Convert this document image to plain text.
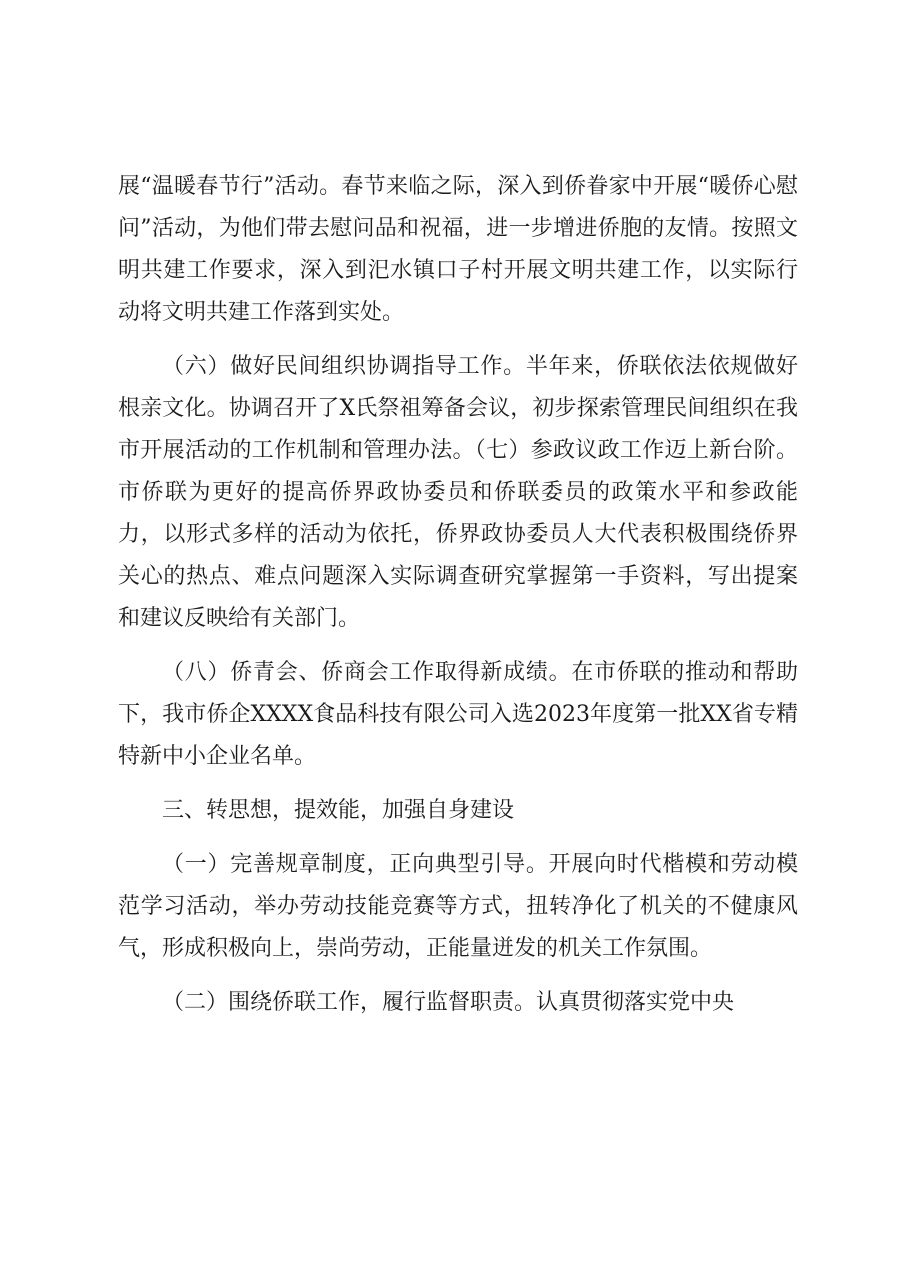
展“温暖春节行”活动。春节来临之际，深入到侨眷家中开展“暖侨心慰问”活动，为他们带去慰问品和祝福，进一步增进侨胞的友情。按照文明共建工作要求，深入到汜水镇口子村开展文明共建工作，以实际行动将文明共建工作落到实处。

（六）做好民间组织协调指导工作。半年来，侨联依法依规做好根亲文化。协调召开了X氏祭祖筹备会议，初步探索管理民间组织在我市开展活动的工作机制和管理办法。（七）参政议政工作迈上新台阶。市侨联为更好的提高侨界政协委员和侨联委员的政策水平和参政能力，以形式多样的活动为依托，侨界政协委员人大代表积极围绕侨界关心的热点、难点问题深入实际调查研究掌握第一手资料，写出提案和建议反映给有关部门。

（八）侨青会、侨商会工作取得新成绩。在市侨联的推动和帮助下，我市侨企XXXX食品科技有限公司入选2023年度第一批XX省专精特新中小企业名单。

三、转思想，提效能，加强自身建设

（一）完善规章制度，正向典型引导。开展向时代楷模和劳动模范学习活动，举办劳动技能竞赛等方式，扭转净化了机关的不健康风气，形成积极向上，崇尚劳动，正能量迸发的机关工作氛围。

（二）围绕侨联工作，履行监督职责。认真贯彻落实党中央
